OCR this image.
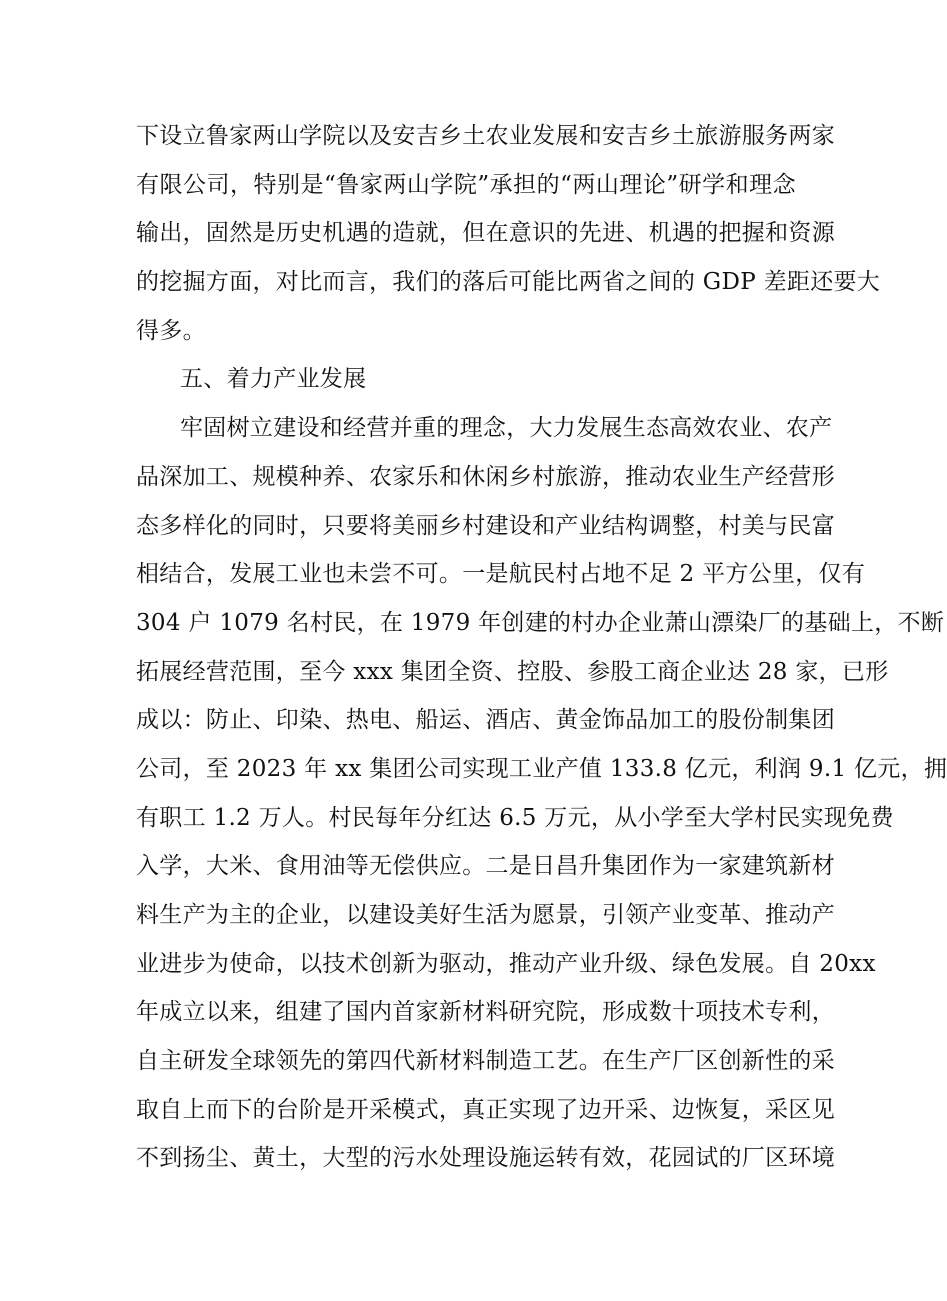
下设立鲁家两山学院以及安吉乡土农业发展和安吉乡土旅游服务两家
有限公司，特别是“鲁家两山学院”承担的“两山理论”研学和理念
输出，固然是历史机遇的造就，但在意识的先进、机遇的把握和资源
的挖掘方面，对比而言，我们的落后可能比两省之间的 GDP 差距还要大
得多。
五、着力产业发展
牢固树立建设和经营并重的理念，大力发展生态高效农业、农产
品深加工、规模种养、农家乐和休闲乡村旅游，推动农业生产经营形
态多样化的同时，只要将美丽乡村建设和产业结构调整，村美与民富
相结合，发展工业也未尝不可。一是航民村占地不足 2 平方公里，仅有
304 户 1079 名村民，在 1979 年创建的村办企业萧山漂染厂的基础上，不断
拓展经营范围，至今 xxx 集团全资、控股、参股工商企业达 28 家，已形
成以：防止、印染、热电、船运、酒店、黄金饰品加工的股份制集团
公司，至 2023 年 xx 集团公司实现工业产值 133.8 亿元，利润 9.1 亿元，拥
有职工 1.2 万人。村民每年分红达 6.5 万元，从小学至大学村民实现免费
入学，大米、食用油等无偿供应。二是日昌升集团作为一家建筑新材
料生产为主的企业，以建设美好生活为愿景，引领产业变革、推动产
业进步为使命，以技术创新为驱动，推动产业升级、绿色发展。自 20xx
年成立以来，组建了国内首家新材料研究院，形成数十项技术专利，
自主研发全球领先的第四代新材料制造工艺。在生产厂区创新性的采
取自上而下的台阶是开采模式，真正实现了边开采、边恢复，采区见
不到扬尘、黄土，大型的污水处理设施运转有效，花园试的厂区环境
